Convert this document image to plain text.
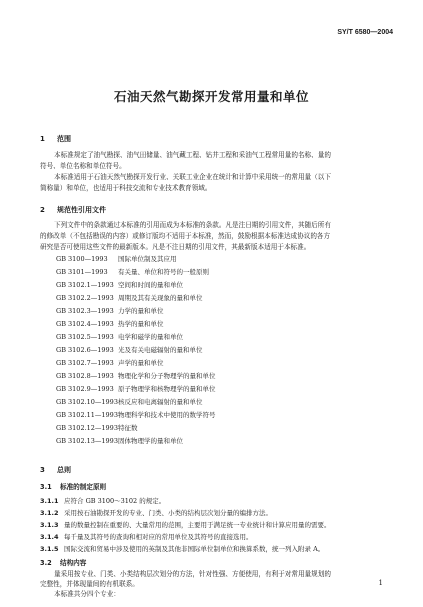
SY/T 6580—2004
石油天然气勘探开发常用量和单位
1 范围
本标准规定了油气勘探、油气田储量、油气藏工程、钻井工程和采油气工程常用量的名称、量的
符号、单位名称和单位符号。
本标准适用于石油天然气勘探开发行业、关联工业企业在统计和计算中采用统一的常用量（以下
简称量）和单位，也适用于科技交流和专业技术教育领域。
2 规范性引用文件
下列文件中的条款通过本标准的引用而成为本标准的条款。凡是注日期的引用文件，其随后所有
的修改单（不包括勘误的内容）或修订版均不适用于本标准，然而，鼓励根据本标准达成协议的各方
研究是否可使用这些文件的最新版本。凡是不注日期的引用文件，其最新版本适用于本标准。
GB 3100—1993 国际单位制及其应用
GB 3101—1993 有关量、单位和符号的一般原则
GB 3102.1—1993 空间和时间的量和单位
GB 3102.2—1993 周期及其有关现象的量和单位
GB 3102.3—1993 力学的量和单位
GB 3102.4—1993 热学的量和单位
GB 3102.5—1993 电学和磁学的量和单位
GB 3102.6—1993 光及有关电磁辐射的量和单位
GB 3102.7—1993 声学的量和单位
GB 3102.8—1993 物理化学和分子物理学的量和单位
GB 3102.9—1993 原子物理学和核物理学的量和单位
GB 3102.10—1993核反应和电离辐射的量和单位
GB 3102.11—1993物理科学和技术中使用的数学符号
GB 3102.12—1993特征数
GB 3102.13—1993固体物理学的量和单位
3 总则
3.1 标准的制定原则
3.1.1 应符合 GB 3100～3102 的规定。
3.1.2 采用按石油勘探开发的专业、门类、小类的结构层次划分量的编排方法。
3.1.3 量的数量控制在重要的、大量常用的范围，主要用于满足统一专业统计和计算应用量的需要。
3.1.4 每千量及其符号的查询和相对应的常用单位及其符号的直接选用。
3.1.5 国际交流和贸易中涉及使用的英制及其他非国际单位制单位和换算系数，统一列入附录 A。
3.2 结构内容
量采用按专业、门类、小类结构层次划分的方法，针对性强、方便使用，有利于对常用量规划的
完整性，并体现量间的有机联系。
本标准共分四个专业：
1
